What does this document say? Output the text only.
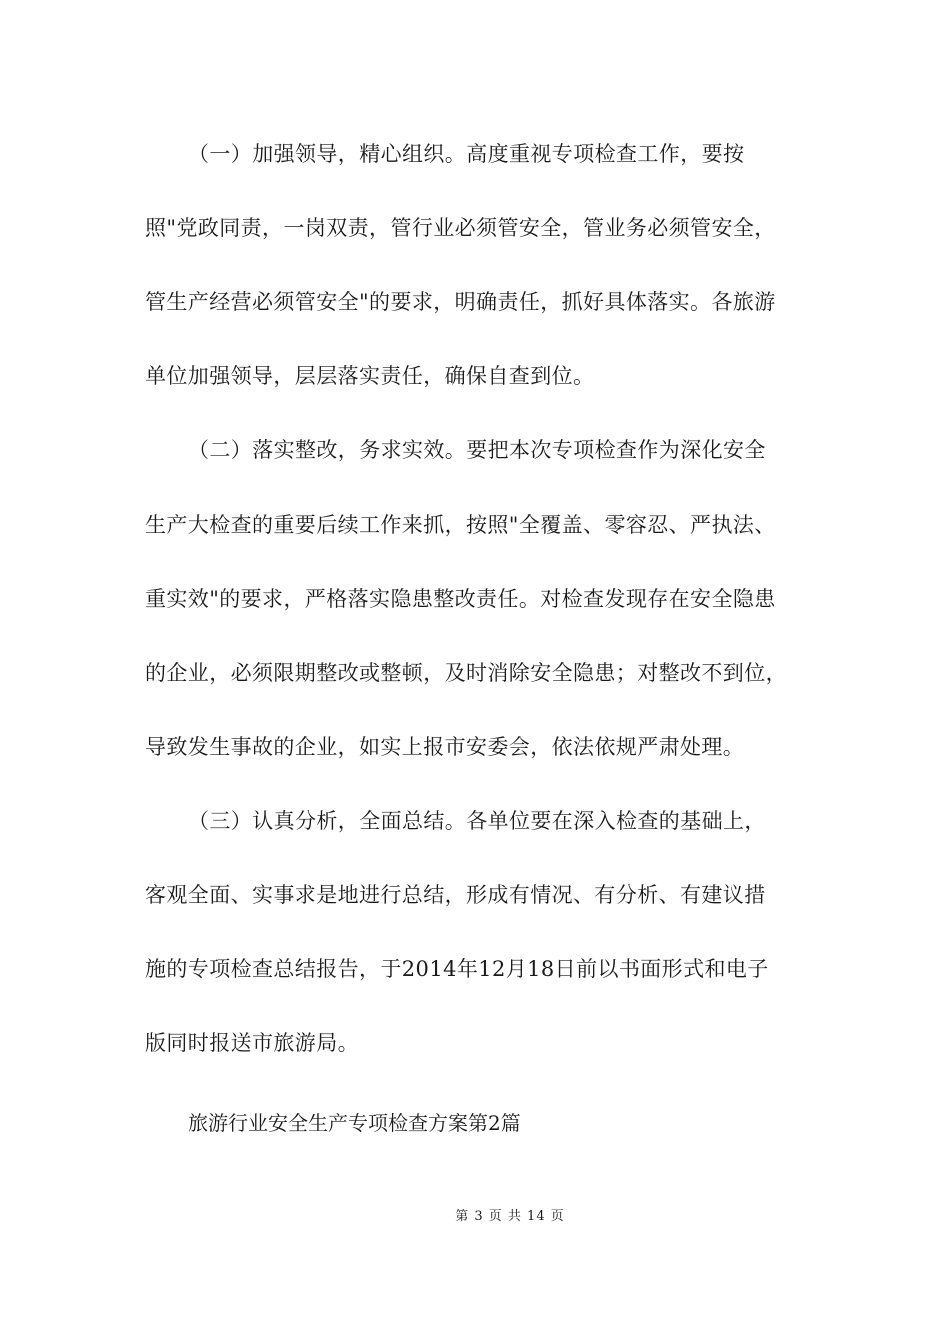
（一）加强领导，精心组织。高度重视专项检查工作，要按
照"党政同责，一岗双责，管行业必须管安全，管业务必须管安全，
管生产经营必须管安全"的要求，明确责任，抓好具体落实。各旅游
单位加强领导，层层落实责任，确保自查到位。
（二）落实整改，务求实效。要把本次专项检查作为深化安全
生产大检查的重要后续工作来抓，按照"全覆盖、零容忍、严执法、
重实效"的要求，严格落实隐患整改责任。对检查发现存在安全隐患
的企业，必须限期整改或整顿，及时消除安全隐患；对整改不到位，
导致发生事故的企业，如实上报市安委会，依法依规严肃处理。
（三）认真分析，全面总结。各单位要在深入检查的基础上，
客观全面、实事求是地进行总结，形成有情况、有分析、有建议措
施的专项检查总结报告，于2014年12月18日前以书面形式和电子
版同时报送市旅游局。
旅游行业安全生产专项检查方案第2篇
第 3 页 共 14 页
